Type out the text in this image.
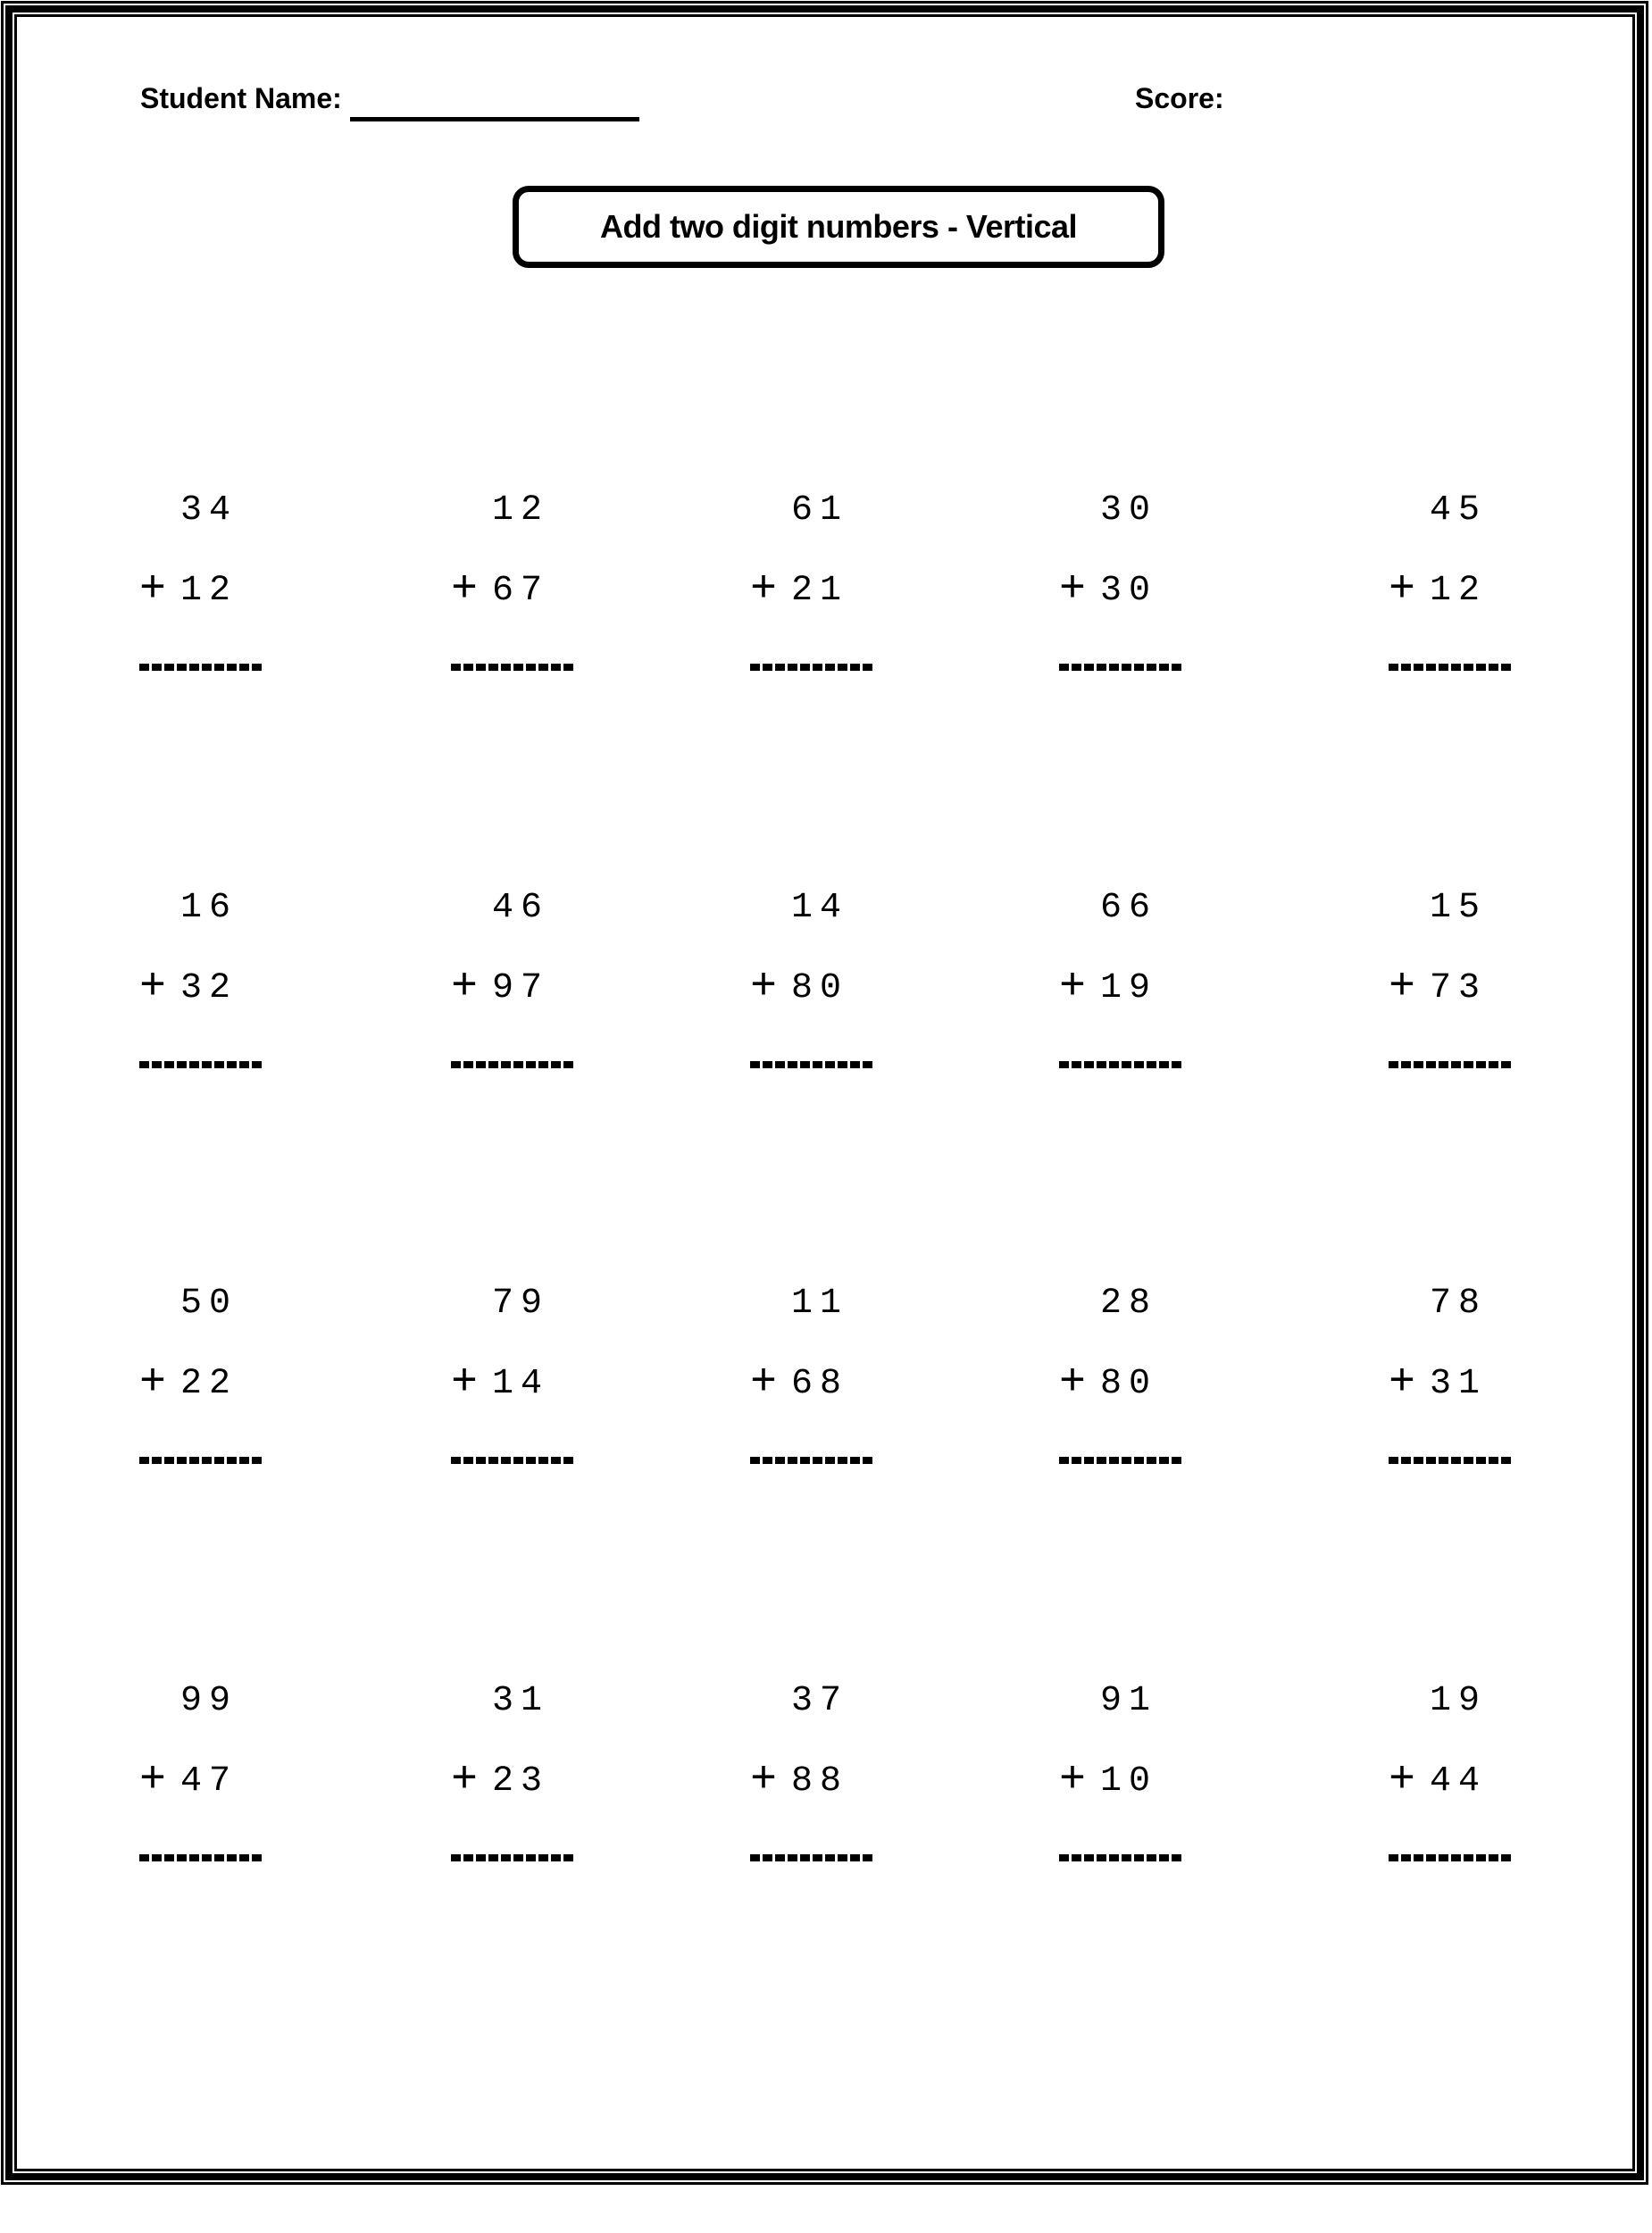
Student Name:	Score:
Add two digit numbers - Vertical
34
+ 12
12
+ 67
61
+ 21
30
+ 30
45
+ 12
16
+ 32
46
+ 97
14
+ 80
66
+ 19
15
+ 73
50
+ 22
79
+ 14
11
+ 68
28
+ 80
78
+ 31
99
+ 47
31
+ 23
37
+ 88
91
+ 10
19
+ 44
